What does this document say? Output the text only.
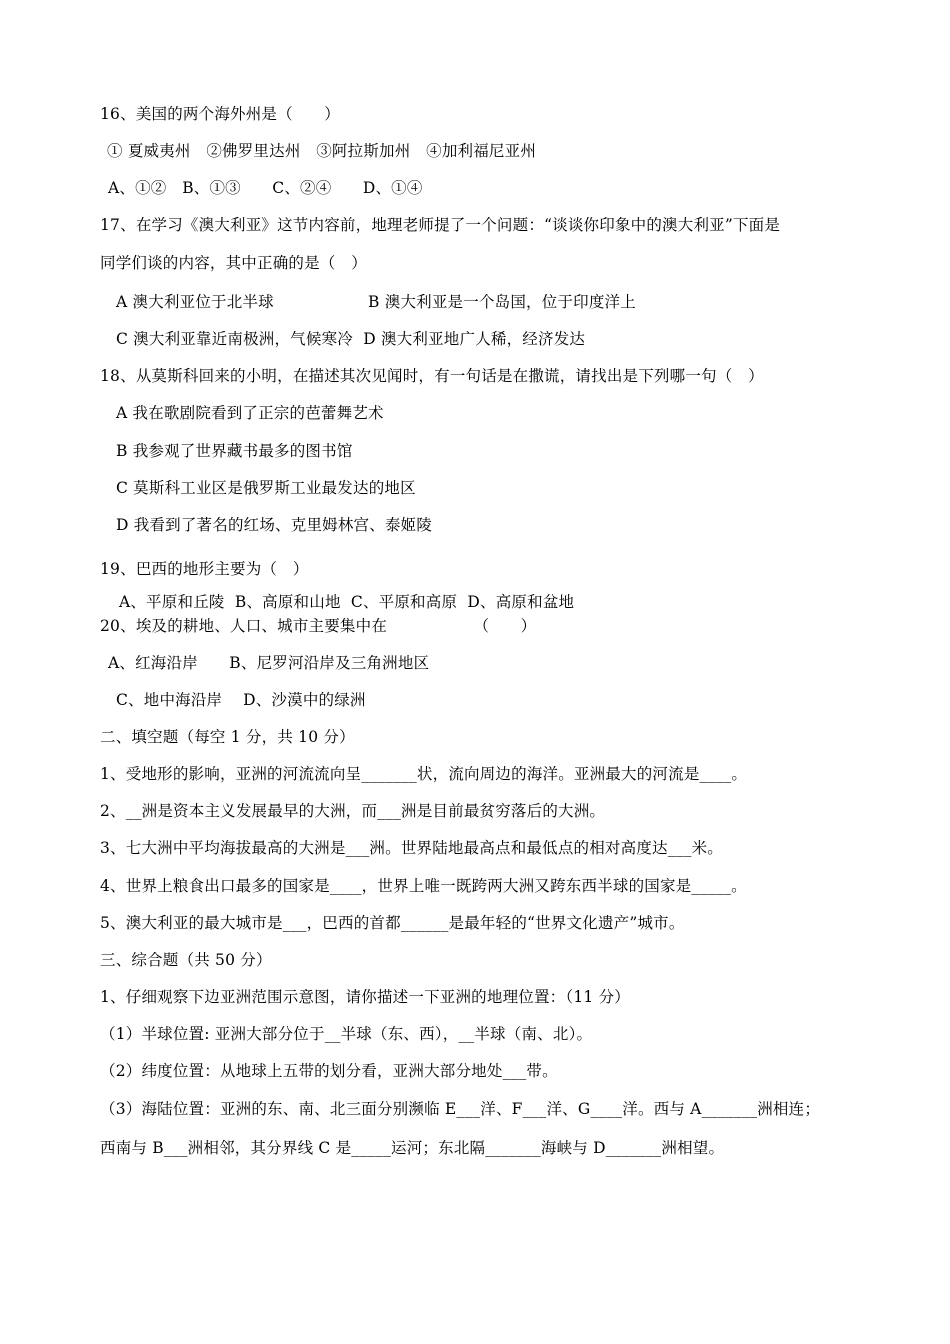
16、美国的两个海外州是（　　）
① 夏威夷州　②佛罗里达州　③阿拉斯加州　④加利福尼亚州
A、①②　B、①③　　C、②④　　D、①④
17、在学习《澳大利亚》这节内容前，地理老师提了一个问题：“谈谈你印象中的澳大利亚”下面是
同学们谈的内容，其中正确的是（　）
A 澳大利亚位于北半球　　　　　　B 澳大利亚是一个岛国，位于印度洋上
C 澳大利亚靠近南极洲，气候寒冷  D 澳大利亚地广人稀，经济发达
18、从莫斯科回来的小明，在描述其次见闻时，有一句话是在撒谎，请找出是下列哪一句（　）
A 我在歌剧院看到了正宗的芭蕾舞艺术
B 我参观了世界藏书最多的图书馆
C 莫斯科工业区是俄罗斯工业最发达的地区
D 我看到了著名的红场、克里姆林宫、泰姬陵
19、巴西的地形主要为（　）
A、平原和丘陵  B、高原和山地  C、平原和高原  D、高原和盆地
20、埃及的耕地、人口、城市主要集中在　　　　　　（　　）
A、红海沿岸　　B、尼罗河沿岸及三角洲地区
C、地中海沿岸　 D、沙漠中的绿洲
二、填空题（每空 1 分，共 10 分）
1、受地形的影响，亚洲的河流流向呈_______状，流向周边的海洋。亚洲最大的河流是____。
2、__洲是资本主义发展最早的大洲，而___洲是目前最贫穷落后的大洲。
3、七大洲中平均海拔最高的大洲是___洲。世界陆地最高点和最低点的相对高度达___米。
4、世界上粮食出口最多的国家是____，世界上唯一既跨两大洲又跨东西半球的国家是_____。
5、澳大利亚的最大城市是___，巴西的首都______是最年轻的“世界文化遗产”城市。
三、综合题（共 50 分）
1、仔细观察下边亚洲范围示意图，请你描述一下亚洲的地理位置：（11 分）
（1）半球位置: 亚洲大部分位于__半球（东、西），__半球（南、北）。
（2）纬度位置：从地球上五带的划分看，亚洲大部分地处___带。
（3）海陆位置：亚洲的东、南、北三面分别濒临 E___洋、F___洋、G____洋。西与 A_______洲相连；
西南与 B___洲相邻，其分界线 C 是_____运河；东北隔_______海峡与 D_______洲相望。
